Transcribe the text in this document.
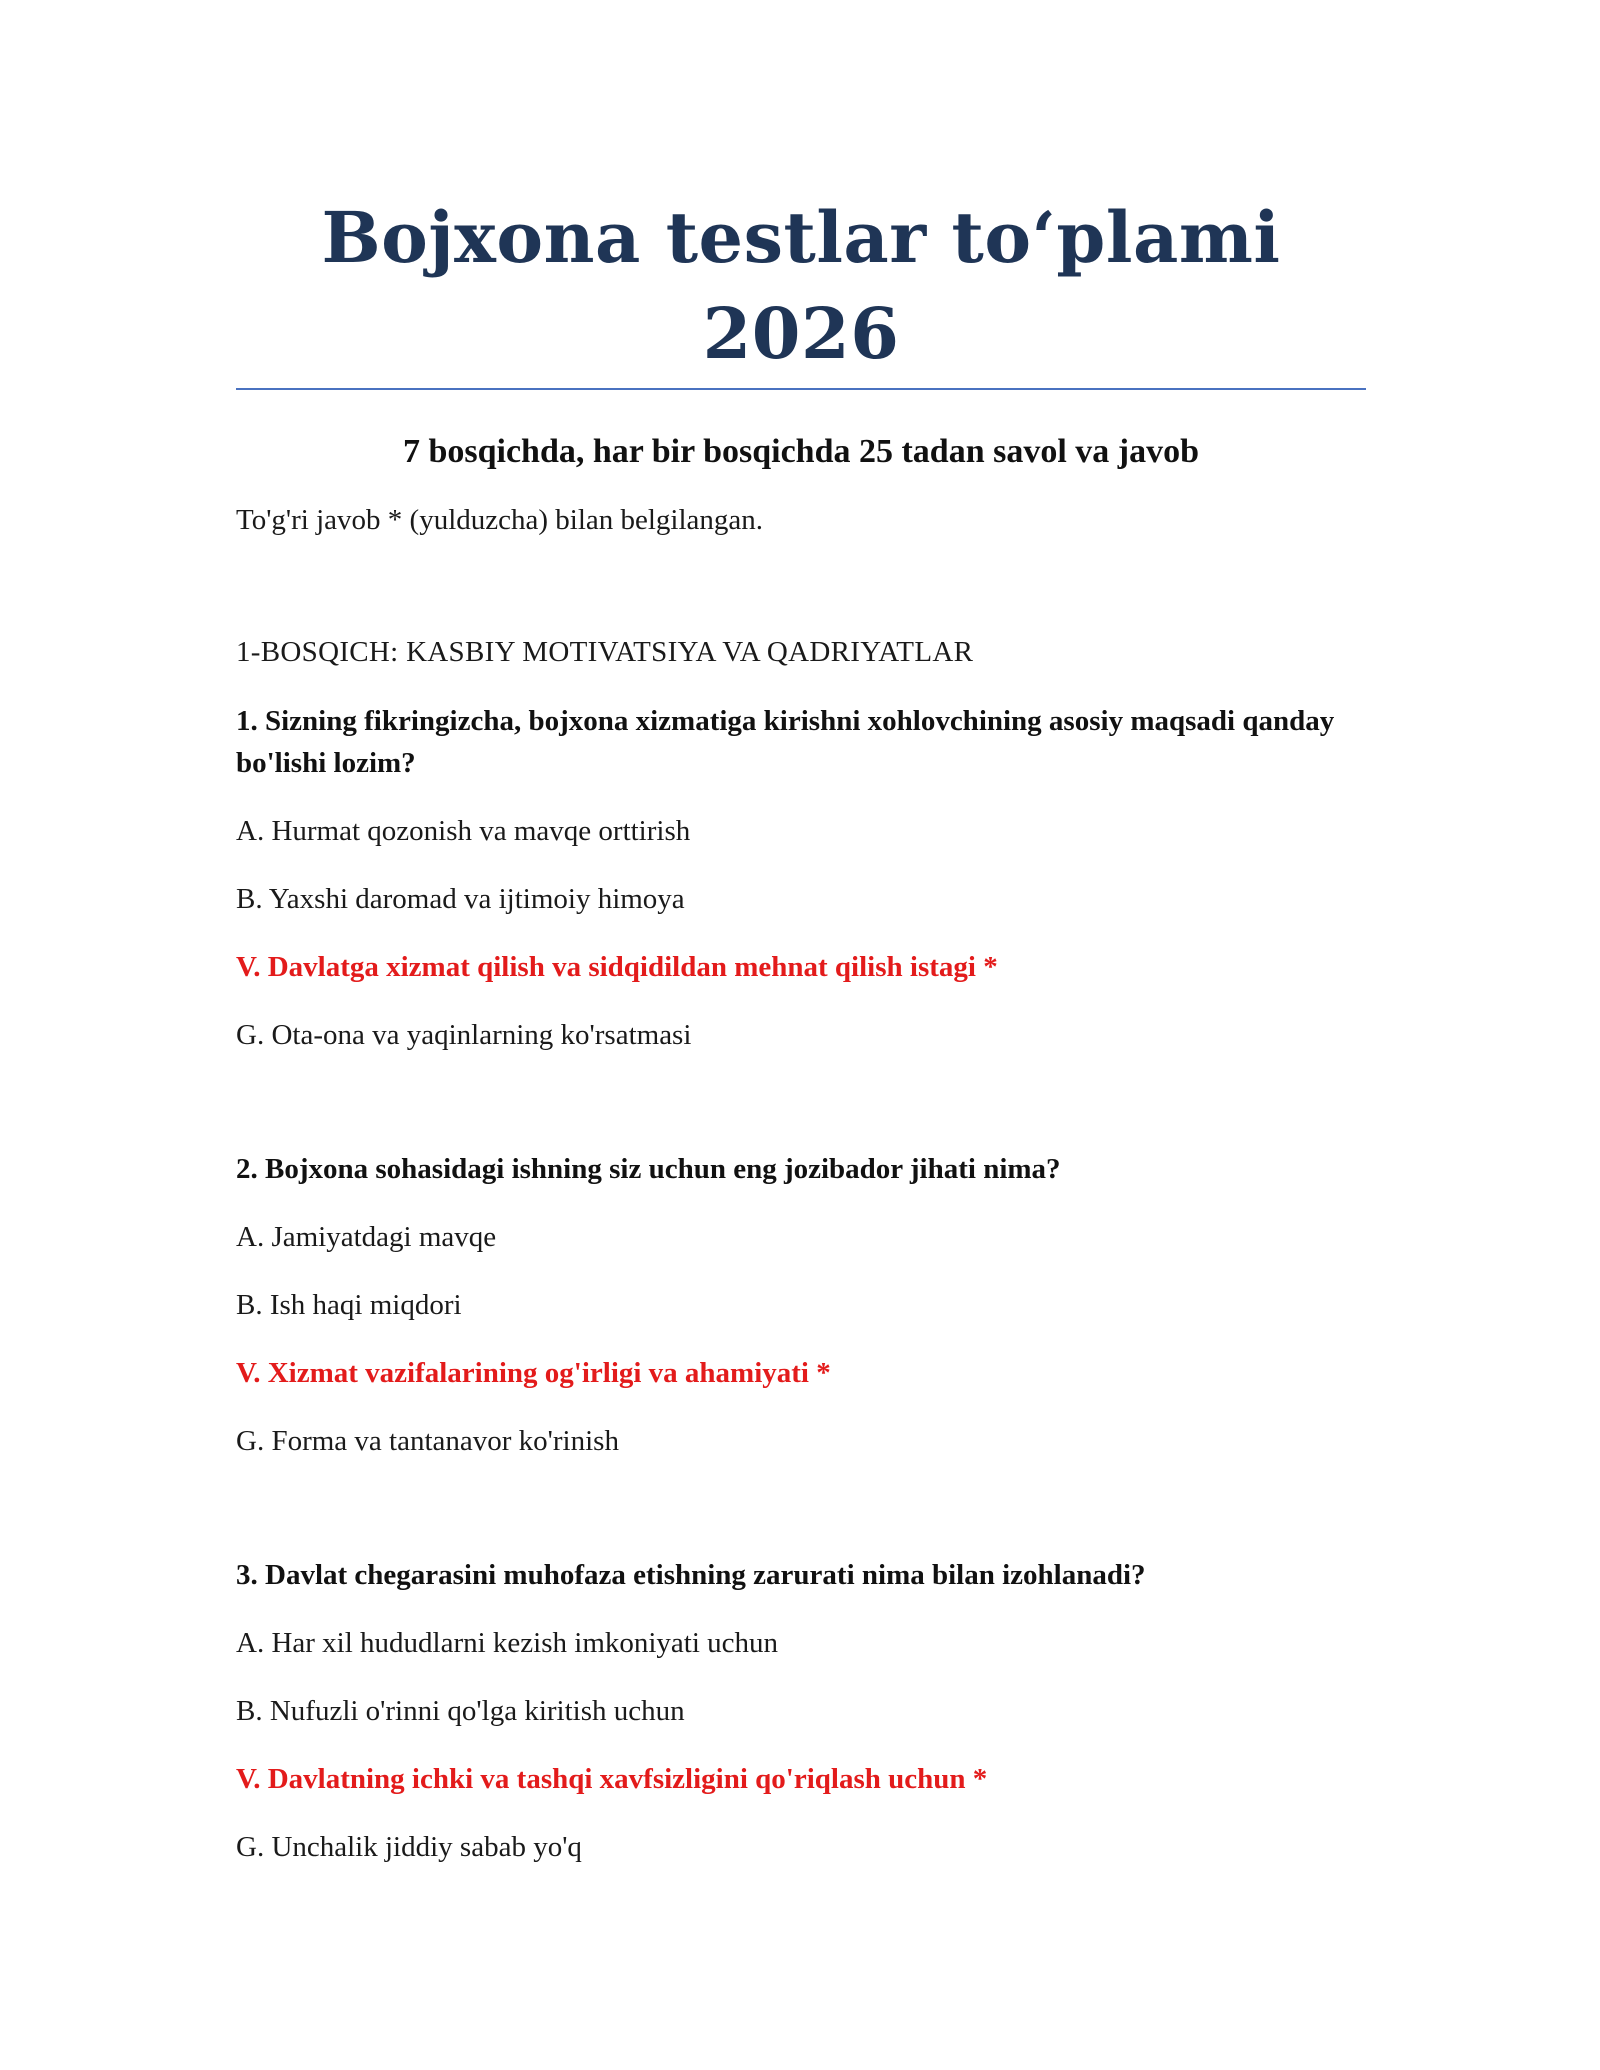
Bojxona testlar to‘plami 2026
7 bosqichda, har bir bosqichda 25 tadan savol va javob

To'g'ri javob * (yulduzcha) bilan belgilangan.

1-BOSQICH: KASBIY MOTIVATSIYA VA QADRIYATLAR

1. Sizning fikringizcha, bojxona xizmatiga kirishni xohlovchining asosiy maqsadi qanday bo'lishi lozim?

A. Hurmat qozonish va mavqe orttirish
B. Yaxshi daromad va ijtimoiy himoya
V. Davlatga xizmat qilish va sidqidildan mehnat qilish istagi *
G. Ota-ona va yaqinlarning ko'rsatmasi

2. Bojxona sohasidagi ishning siz uchun eng jozibador jihati nima?

A. Jamiyatdagi mavqe
B. Ish haqi miqdori
V. Xizmat vazifalarining og'irligi va ahamiyati *
G. Forma va tantanavor ko'rinish

3. Davlat chegarasini muhofaza etishning zarurati nima bilan izohlanadi?

A. Har xil hududlarni kezish imkoniyati uchun
B. Nufuzli o'rinni qo'lga kiritish uchun
V. Davlatning ichki va tashqi xavfsizligini qo'riqlash uchun *
G. Unchalik jiddiy sabab yo'q
